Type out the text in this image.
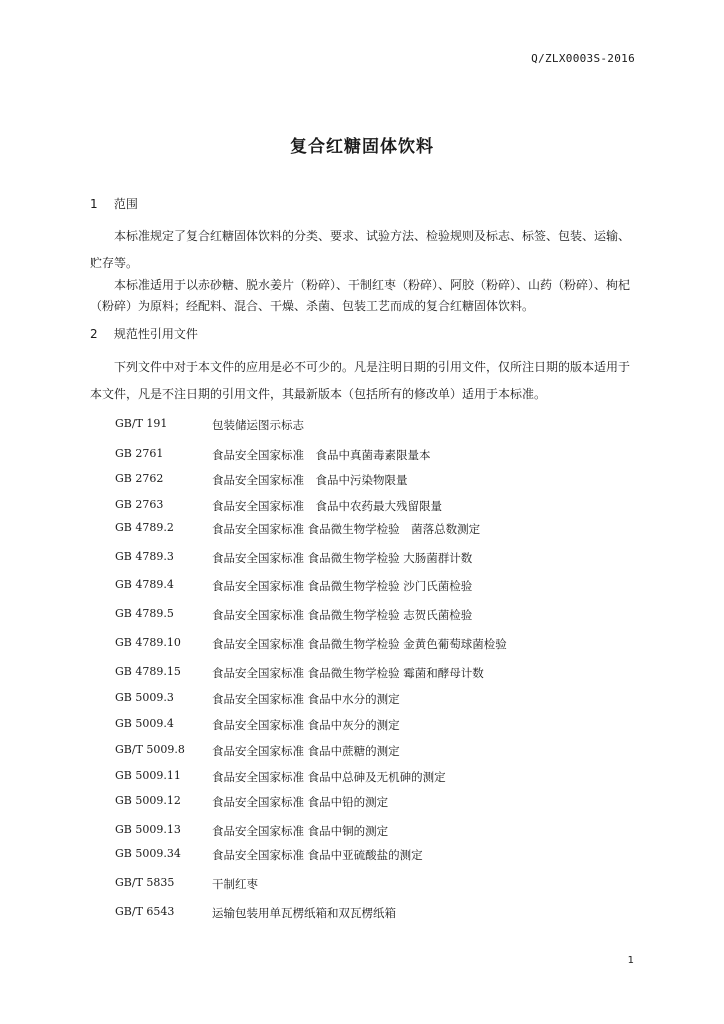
Q/ZLX0003S-2016
复合红糖固体饮料
1 范围

本标准规定了复合红糖固体饮料的分类、要求、试验方法、检验规则及标志、标签、包装、运输、贮存等。

本标准适用于以赤砂糖、脱水姜片（粉碎）、干制红枣（粉碎）、阿胶（粉碎）、山药（粉碎）、枸杞（粉碎）为原料；经配料、混合、干燥、杀菌、包装工艺而成的复合红糖固体饮料。

2 规范性引用文件

下列文件中对于本文件的应用是必不可少的。凡是注明日期的引用文件，仅所注日期的版本适用于本文件，凡是不注日期的引用文件，其最新版本（包括所有的修改单）适用于本标准。

GB/T 191	包装储运图示标志
GB 2761	食品安全国家标准　食品中真菌毒素限量本
GB 2762	食品安全国家标准　食品中污染物限量
GB 2763	食品安全国家标准　食品中农药最大残留限量
GB 4789.2	食品安全国家标准 食品微生物学检验　菌落总数测定
GB 4789.3	食品安全国家标准 食品微生物学检验 大肠菌群计数
GB 4789.4	食品安全国家标准 食品微生物学检验 沙门氏菌检验
GB 4789.5	食品安全国家标准 食品微生物学检验 志贺氏菌检验
GB 4789.10	食品安全国家标准 食品微生物学检验 金黄色葡萄球菌检验
GB 4789.15	食品安全国家标准 食品微生物学检验 霉菌和酵母计数
GB 5009.3	食品安全国家标准 食品中水分的测定
GB 5009.4	食品安全国家标准 食品中灰分的测定
GB/T 5009.8 食品安全国家标准 食品中蔗糖的测定
GB 5009.11	食品安全国家标准 食品中总砷及无机砷的测定
GB 5009.12	食品安全国家标准 食品中铅的测定
GB 5009.13	食品安全国家标准 食品中铜的测定
GB 5009.34	食品安全国家标准 食品中亚硫酸盐的测定
GB/T 5835	干制红枣
GB/T 6543	运输包装用单瓦楞纸箱和双瓦楞纸箱
1
